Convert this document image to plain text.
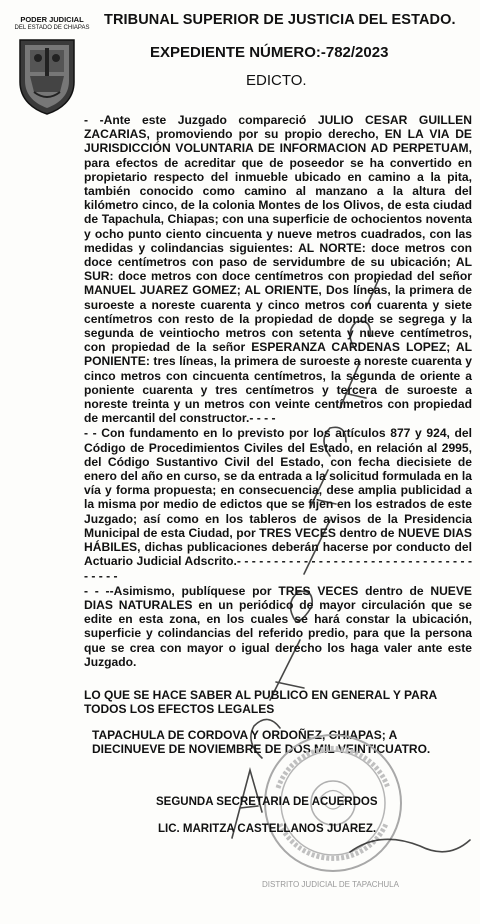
PODER JUDICIAL
DEL ESTADO DE CHIAPAS TRIBUNAL SUPERIOR DE JUSTICIA DEL ESTADO.
EXPEDIENTE NÚMERO:-782/2023
EDICTO.

- -Ante este Juzgado compareció JULIO CESAR GUILLEN ZACARIAS, promoviendo por su propio derecho, EN LA VIA DE JURISDICCIÓN VOLUNTARIA DE INFORMACION AD PERPETUAM, para efectos de acreditar que de poseedor se ha convertido en propietario respecto del inmueble ubicado en camino a la pita, también conocido como camino al manzano a la altura del kilómetro cinco, de la colonia Montes de los Olivos, de esta ciudad de Tapachula, Chiapas; con una superficie de ochocientos noventa y ocho punto ciento cincuenta y nueve metros cuadrados, con las medidas y colindancias siguientes: AL NORTE: doce metros con doce centímetros con paso de servidumbre de su ubicación; AL SUR: doce metros con doce centímetros con propiedad del señor MANUEL JUAREZ GOMEZ; AL ORIENTE, Dos líneas, la primera de suroeste a noreste cuarenta y cinco metros con cuarenta y siete centímetros con resto de la propiedad de donde se segrega y la segunda de veintiocho metros con setenta y nueve centímetros, con propiedad de la señor ESPERANZA CARDENAS LOPEZ; AL PONIENTE: tres líneas, la primera de suroeste a noreste cuarenta y cinco metros con cincuenta centímetros, la segunda de oriente a poniente cuarenta y tres centímetros y tercera de suroeste a noreste treinta y un metros con veinte centímetros con propiedad de mercantil del constructor.- - - -

- - Con fundamento en lo previsto por los artículos 877 y 924, del Código de Procedimientos Civiles del Estado, en relación al 2995, del Código Sustantivo Civil del Estado, con fecha diecisiete de enero del año en curso, se da entrada a la solicitud formulada en la vía y forma propuesta; en consecuencia, dese amplia publicidad a la misma por medio de edictos que se fijen en los estrados de este Juzgado; así como en los tableros de avisos de la Presidencia Municipal de esta Ciudad, por TRES VECES dentro de NUEVE DIAS HÁBILES, dichas publicaciones deberán hacerse por conducto del Actuario Judicial Adscrito.- - - - - - - - - - - - - - - - - - - - - - - - - - - - - - - - - - - - -

- - --Asimismo, publíquese por TRES VECES dentro de NUEVE DIAS NATURALES en un periódico de mayor circulación que se edite en esta zona, en los cuales se hará constar la ubicación, superficie y colindancias del referido predio, para que la persona que se crea con mayor o igual derecho los haga valer ante este Juzgado.

LO QUE SE HACE SABER AL PUBLICO EN GENERAL Y PARA TODOS LOS EFECTOS LEGALES
TAPACHULA DE CORDOVA Y ORDOÑEZ, CHIAPAS; A DIECINUEVE DE NOVIEMBRE DE DOS MIL VEINTICUATRO.
SEGUNDA SECRETARIA DE ACUERDOS
LIC. MARITZA CASTELLANOS JUAREZ.
DISTRITO JUDICIAL DE TAPACHULA
